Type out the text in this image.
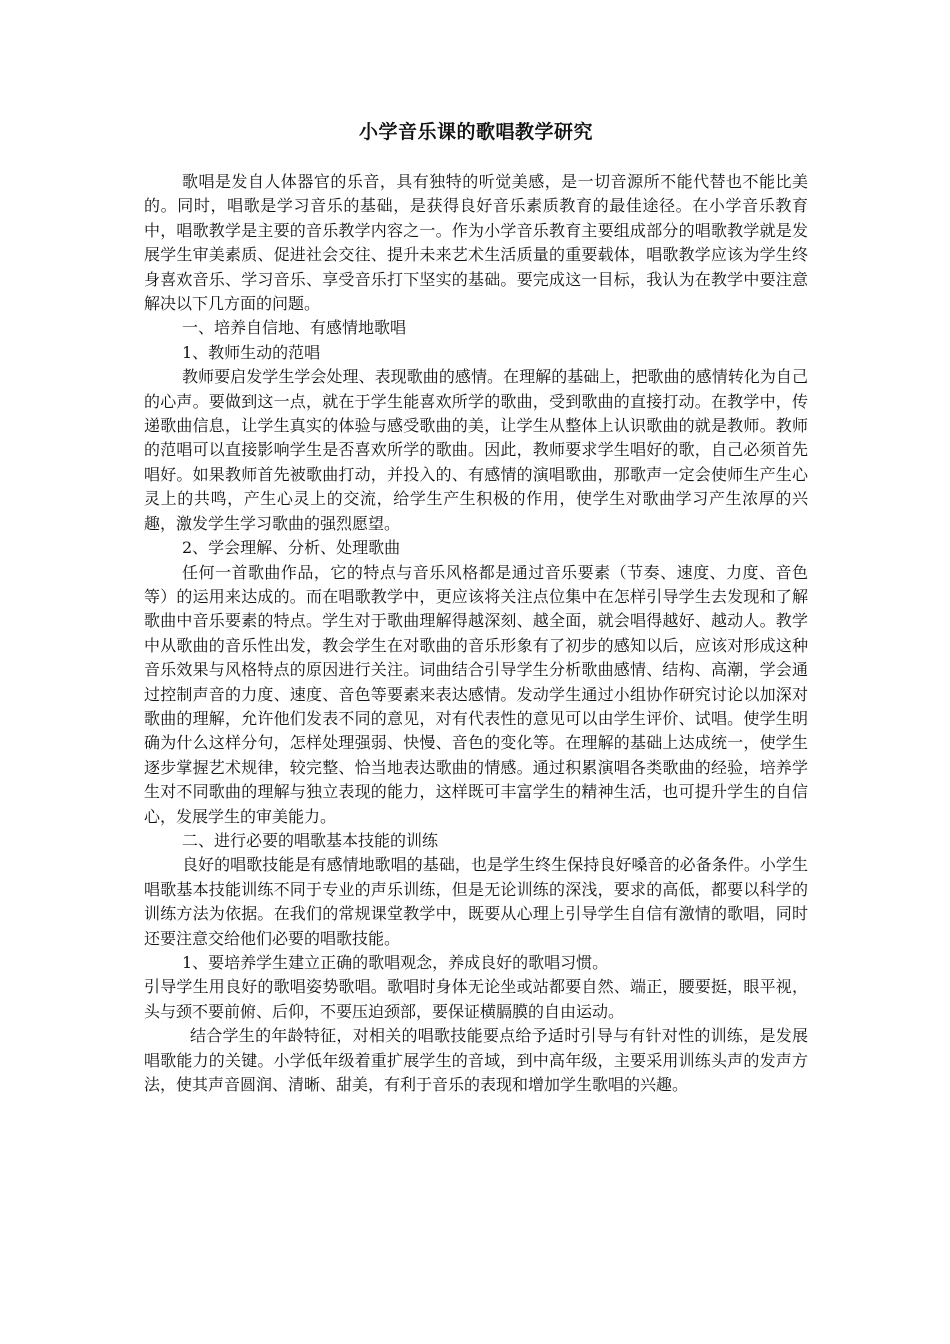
小学音乐课的歌唱教学研究

歌唱是发自人体器官的乐音，具有独特的听觉美感，是一切音源所不能代替也不能比美的。同时，唱歌是学习音乐的基础，是获得良好音乐素质教育的最佳途径。在小学音乐教育中，唱歌教学是主要的音乐教学内容之一。作为小学音乐教育主要组成部分的唱歌教学就是发展学生审美素质、促进社会交往、提升未来艺术生活质量的重要载体，唱歌教学应该为学生终身喜欢音乐、学习音乐、享受音乐打下坚实的基础。要完成这一目标，我认为在教学中要注意解决以下几方面的问题。

一、培养自信地、有感情地歌唱

1、教师生动的范唱

教师要启发学生学会处理、表现歌曲的感情。在理解的基础上，把歌曲的感情转化为自己的心声。要做到这一点，就在于学生能喜欢所学的歌曲，受到歌曲的直接打动。在教学中，传递歌曲信息，让学生真实的体验与感受歌曲的美，让学生从整体上认识歌曲的就是教师。教师的范唱可以直接影响学生是否喜欢所学的歌曲。因此，教师要求学生唱好的歌，自己必须首先唱好。如果教师首先被歌曲打动，并投入的、有感情的演唱歌曲，那歌声一定会使师生产生心灵上的共鸣，产生心灵上的交流，给学生产生积极的作用，使学生对歌曲学习产生浓厚的兴趣，激发学生学习歌曲的强烈愿望。

2、学会理解、分析、处理歌曲

任何一首歌曲作品，它的特点与音乐风格都是通过音乐要素（节奏、速度、力度、音色等）的运用来达成的。而在唱歌教学中，更应该将关注点位集中在怎样引导学生去发现和了解歌曲中音乐要素的特点。学生对于歌曲理解得越深刻、越全面，就会唱得越好、越动人。教学中从歌曲的音乐性出发，教会学生在对歌曲的音乐形象有了初步的感知以后，应该对形成这种音乐效果与风格特点的原因进行关注。词曲结合引导学生分析歌曲感情、结构、高潮，学会通过控制声音的力度、速度、音色等要素来表达感情。发动学生通过小组协作研究讨论以加深对歌曲的理解，允许他们发表不同的意见，对有代表性的意见可以由学生评价、试唱。使学生明确为什么这样分句，怎样处理强弱、快慢、音色的变化等。在理解的基础上达成统一，使学生逐步掌握艺术规律，较完整、恰当地表达歌曲的情感。通过积累演唱各类歌曲的经验，培养学生对不同歌曲的理解与独立表现的能力，这样既可丰富学生的精神生活，也可提升学生的自信心，发展学生的审美能力。

二、进行必要的唱歌基本技能的训练

良好的唱歌技能是有感情地歌唱的基础，也是学生终生保持良好嗓音的必备条件。小学生唱歌基本技能训练不同于专业的声乐训练，但是无论训练的深浅，要求的高低，都要以科学的训练方法为依据。在我们的常规课堂教学中，既要从心理上引导学生自信有激情的歌唱，同时还要注意交给他们必要的唱歌技能。

1、要培养学生建立正确的歌唱观念，养成良好的歌唱习惯。

引导学生用良好的歌唱姿势歌唱。歌唱时身体无论坐或站都要自然、端正，腰要挺，眼平视，头与颈不要前俯、后仰，不要压迫颈部，要保证横膈膜的自由运动。

结合学生的年龄特征，对相关的唱歌技能要点给予适时引导与有针对性的训练，是发展唱歌能力的关键。小学低年级着重扩展学生的音域，到中高年级，主要采用训练头声的发声方法，使其声音圆润、清晰、甜美，有利于音乐的表现和增加学生歌唱的兴趣。
